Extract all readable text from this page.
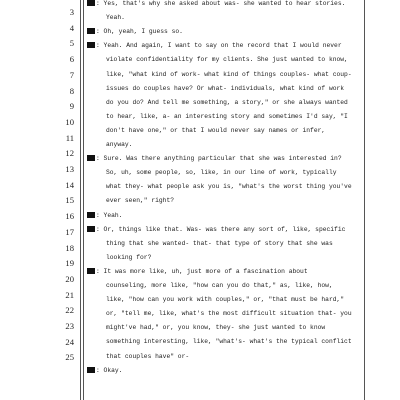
3
4
5
6
7
8
9
10
11
12
13
14
15
16
17
18
19
20
21
22
23
24
25
: Yes, that's why she asked about was- she wanted to hear stories.
Yeah.
: Oh, yeah, I guess so.
: Yeah. And again, I want to say on the record that I would never
violate confidentiality for my clients. She just wanted to know,
like, "what kind of work- what kind of things couples- what coup-
issues do couples have? Or what- individuals, what kind of work
do you do? And tell me something, a story," or she always wanted
to hear, like, a- an interesting story and sometimes I'd say, "I
don't have one," or that I would never say names or infer,
anyway.
: Sure. Was there anything particular that she was interested in?
So, uh, some people, so, like, in our line of work, typically
what they- what people ask you is, "what's the worst thing you've
ever seen," right?
: Yeah.
: Or, things like that. Was- was there any sort of, like, specific
thing that she wanted- that- that type of story that she was
looking for?
: It was more like, uh, just more of a fascination about
counseling, more like, "how can you do that," as, like, how,
like, "how can you work with couples," or, "that must be hard,"
or, "tell me, like, what's the most difficult situation that- you
might've had," or, you know, they- she just wanted to know
something interesting, like, "what's- what's the typical conflict
that couples have" or-
: Okay.
